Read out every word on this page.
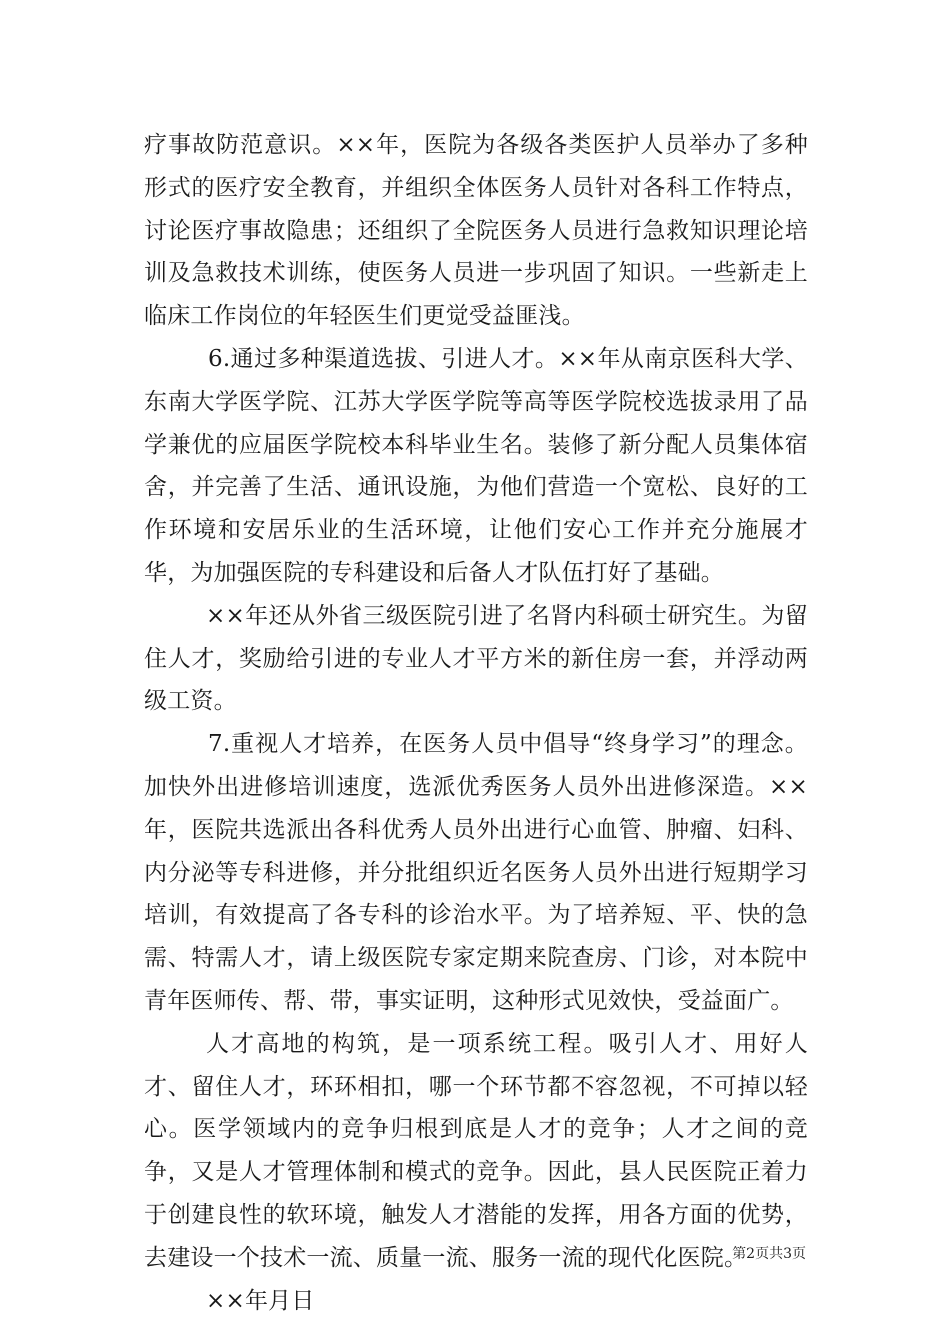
疗事故防范意识。××年，医院为各级各类医护人员举办了多种形式的医疗安全教育，并组织全体医务人员针对各科工作特点，讨论医疗事故隐患；还组织了全院医务人员进行急救知识理论培训及急救技术训练，使医务人员进一步巩固了知识。一些新走上临床工作岗位的年轻医生们更觉受益匪浅。

6.通过多种渠道选拔、引进人才。××年从南京医科大学、东南大学医学院、江苏大学医学院等高等医学院校选拔录用了品学兼优的应届医学院校本科毕业生名。装修了新分配人员集体宿舍，并完善了生活、通讯设施，为他们营造一个宽松、良好的工作环境和安居乐业的生活环境，让他们安心工作并充分施展才华，为加强医院的专科建设和后备人才队伍打好了基础。

××年还从外省三级医院引进了名肾内科硕士研究生。为留住人才，奖励给引进的专业人才平方米的新住房一套，并浮动两级工资。

7.重视人才培养，在医务人员中倡导“终身学习”的理念。加快外出进修培训速度，选派优秀医务人员外出进修深造。××年，医院共选派出各科优秀人员外出进行心血管、肿瘤、妇科、内分泌等专科进修，并分批组织近名医务人员外出进行短期学习培训，有效提高了各专科的诊治水平。为了培养短、平、快的急需、特需人才，请上级医院专家定期来院查房、门诊，对本院中青年医师传、帮、带，事实证明，这种形式见效快，受益面广。

人才高地的构筑，是一项系统工程。吸引人才、用好人才、留住人才，环环相扣，哪一个环节都不容忽视，不可掉以轻心。医学领域内的竞争归根到底是人才的竞争；人才之间的竞争，又是人才管理体制和模式的竞争。因此，县人民医院正着力于创建良性的软环境，触发人才潜能的发挥，用各方面的优势，去建设一个技术一流、质量一流、服务一流的现代化医院。

××年月日

第2页共3页
